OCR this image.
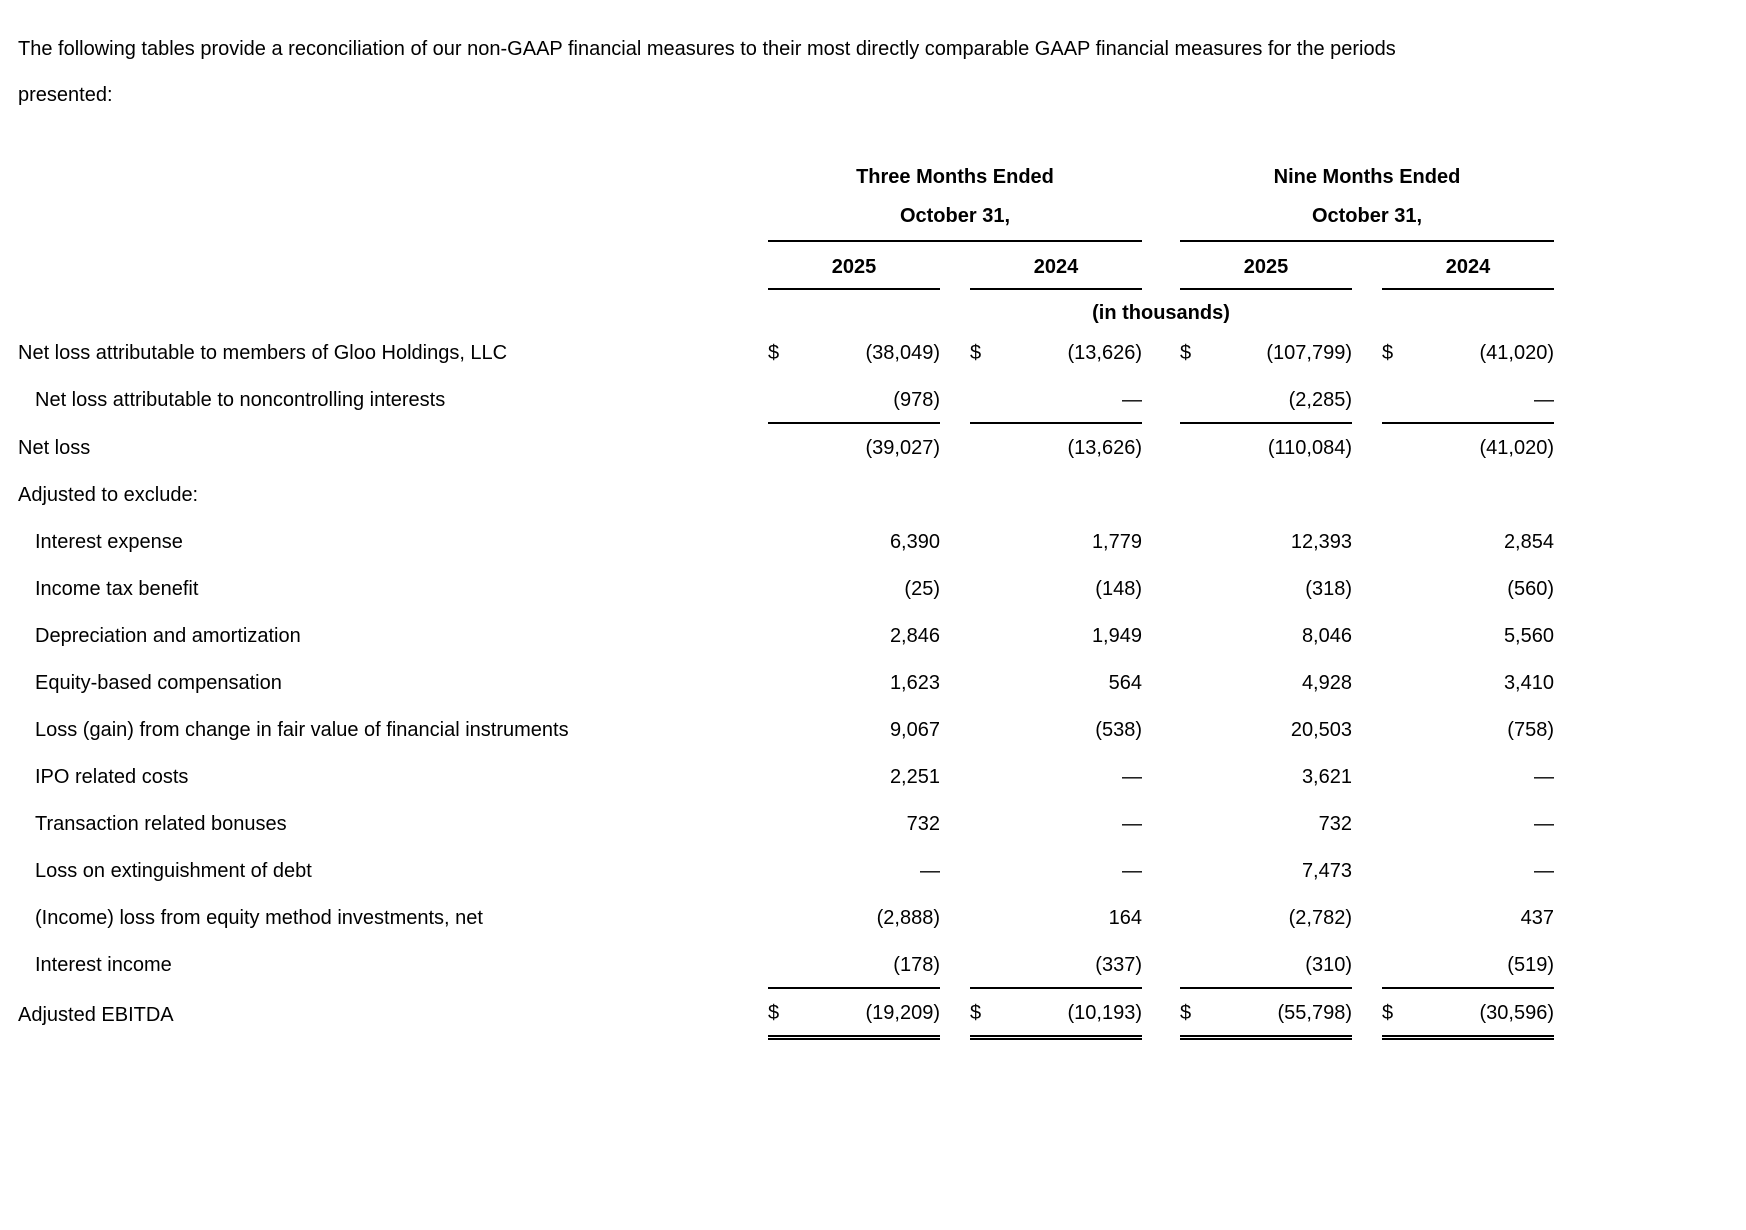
The following tables provide a reconciliation of our non-GAAP financial measures to their most directly comparable GAAP financial measures for the periods presented:

	Three Months Ended				Nine Months Ended		
	October 31,				October 31,		
	2025		2024		2025		2024
	(in thousands)						
Net loss attributable to members of Gloo Holdings, LLC	$ (38,049)		$ (13,626)		$ (107,799)		$ (41,020)

Net loss attributable to noncontrolling interests	(978)		—		(2,285)		—

Net loss	(39,027)		(13,626)		(110,084)		(41,020)

Adjusted to exclude:	

Interest expense	6,390		1,779		12,393		2,854

Income tax benefit	(25)		(148)		(318)		(560)

Depreciation and amortization	2,846		1,949		8,046		5,560

Equity-based compensation	1,623		564		4,928		3,410

Loss (gain) from change in fair value of financial instruments	9,067		(538)		20,503		(758)

IPO related costs	2,251		—		3,621		—

Transaction related bonuses	732		—		732		—

Loss on extinguishment of debt	—		—		7,473		—

(Income) loss from equity method investments, net	(2,888)		164		(2,782)		437

Interest income	(178)		(337)		(310)		(519)

Adjusted EBITDA	$ (19,209)		$ (10,193)		$ (55,798)		$ (30,596)
